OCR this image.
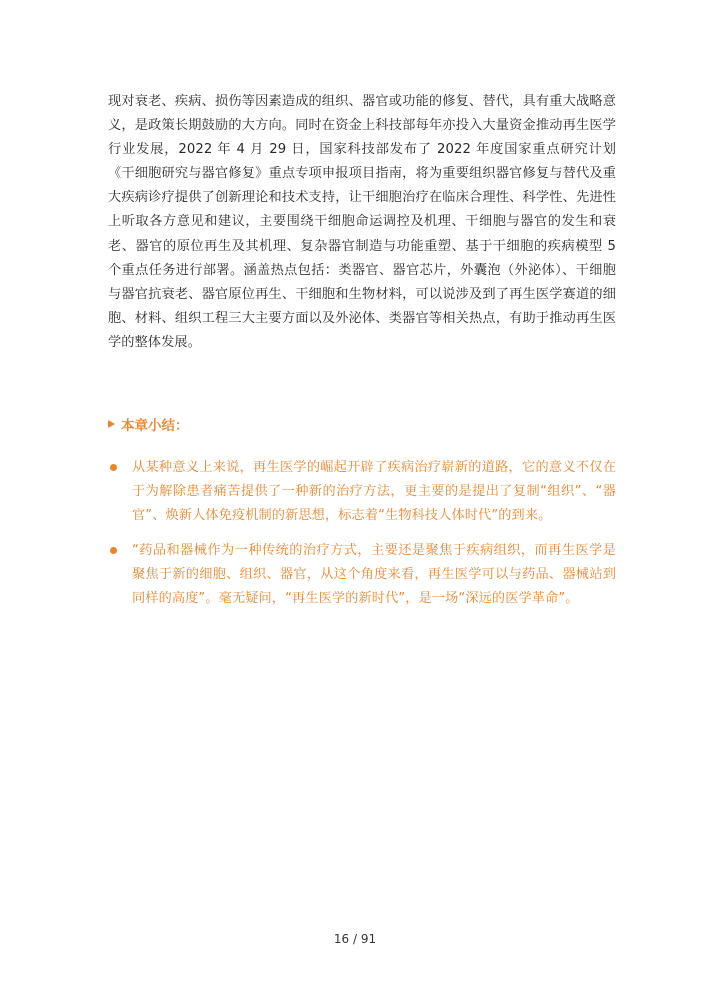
现对衰老、疾病、损伤等因素造成的组织、器官或功能的修复、替代，具有重大战略意义，是政策长期鼓励的大方向。同时在资金上科技部每年亦投入大量资金推动再生医学行业发展，2022 年 4 月 29 日，国家科技部发布了 2022 年度国家重点研究计划《干细胞研究与器官修复》重点专项申报项目指南，将为重要组织器官修复与替代及重大疾病诊疗提供了创新理论和技术支持，让干细胞治疗在临床合理性、科学性、先进性上听取各方意见和建议，主要围绕干细胞命运调控及机理、干细胞与器官的发生和衰老、器官的原位再生及其机理、复杂器官制造与功能重塑、基于干细胞的疾病模型 5 个重点任务进行部署。涵盖热点包括：类器官、器官芯片，外囊泡（外泌体）、干细胞与器官抗衰老、器官原位再生、干细胞和生物材料，可以说涉及到了再生医学赛道的细胞、材料、组织工程三大主要方面以及外泌体、类器官等相关热点，有助于推动再生医学的整体发展。

本章小结：
从某种意义上来说，再生医学的崛起开辟了疾病治疗崭新的道路，它的意义不仅在于为解除患者痛苦提供了一种新的治疗方法，更主要的是提出了复制“组织”、“器官”、焕新人体免疫机制的新思想，标志着“生物科技人体时代”的到来。
“药品和器械作为一种传统的治疗方式，主要还是聚焦于疾病组织，而再生医学是聚焦于新的细胞、组织、器官，从这个角度来看，再生医学可以与药品、器械站到同样的高度”。毫无疑问，“再生医学的新时代”，是一场“深远的医学革命”。
16 / 91
